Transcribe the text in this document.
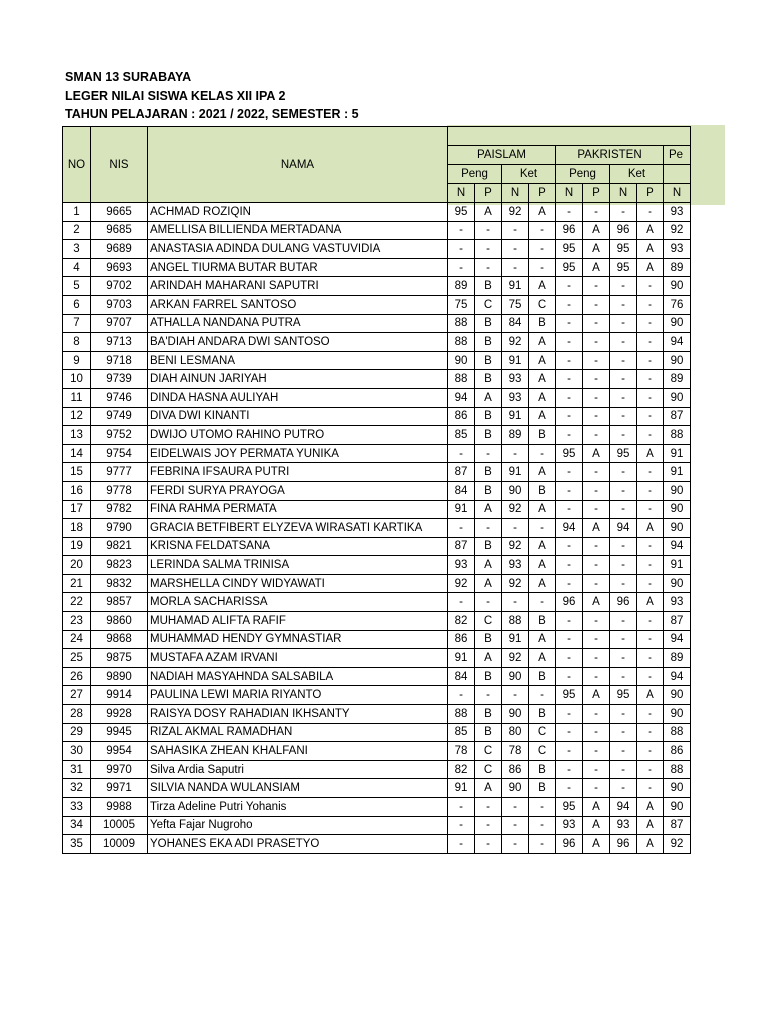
SMAN 13 SURABAYA
LEGER NILAI SISWA KELAS XII IPA 2
TAHUN PELAJARAN : 2021 / 2022, SEMESTER : 5
NO	NIS	NAMA									
			PAISLAM				PAKRISTEN				Pe
			Peng		Ket		Peng		Ket		
			N	P	N	P	N	P	N	P	N
1	9665	ACHMAD ROZIQIN	95	A	92	A	-	-	-	-	93
2	9685	AMELLISA BILLIENDA MERTADANA	-	-	-	-	96	A	96	A	92
3	9689	ANASTASIA ADINDA DULANG VASTUVIDIA	-	-	-	-	95	A	95	A	93
4	9693	ANGEL TIURMA BUTAR BUTAR	-	-	-	-	95	A	95	A	89
5	9702	ARINDAH MAHARANI SAPUTRI	89	B	91	A	-	-	-	-	90
6	9703	ARKAN FARREL SANTOSO	75	C	75	C	-	-	-	-	76
7	9707	ATHALLA NANDANA PUTRA	88	B	84	B	-	-	-	-	90
8	9713	BA'DIAH ANDARA DWI SANTOSO	88	B	92	A	-	-	-	-	94
9	9718	BENI LESMANA	90	B	91	A	-	-	-	-	90
10	9739	DIAH AINUN JARIYAH	88	B	93	A	-	-	-	-	89
11	9746	DINDA HASNA AULIYAH	94	A	93	A	-	-	-	-	90
12	9749	DIVA DWI KINANTI	86	B	91	A	-	-	-	-	87
13	9752	DWIJO UTOMO RAHINO PUTRO	85	B	89	B	-	-	-	-	88
14	9754	EIDELWAIS JOY PERMATA YUNIKA	-	-	-	-	95	A	95	A	91
15	9777	FEBRINA IFSAURA PUTRI	87	B	91	A	-	-	-	-	91
16	9778	FERDI SURYA PRAYOGA	84	B	90	B	-	-	-	-	90
17	9782	FINA RAHMA PERMATA	91	A	92	A	-	-	-	-	90
18	9790	GRACIA BETFIBERT ELYZEVA WIRASATI KARTIKA	-	-	-	-	94	A	94	A	90
19	9821	KRISNA FELDATSANA	87	B	92	A	-	-	-	-	94
20	9823	LERINDA SALMA TRINISA	93	A	93	A	-	-	-	-	91
21	9832	MARSHELLA CINDY WIDYAWATI	92	A	92	A	-	-	-	-	90
22	9857	MORLA SACHARISSA	-	-	-	-	96	A	96	A	93
23	9860	MUHAMAD ALIFTA RAFIF	82	C	88	B	-	-	-	-	87
24	9868	MUHAMMAD HENDY GYMNASTIAR	86	B	91	A	-	-	-	-	94
25	9875	MUSTAFA AZAM IRVANI	91	A	92	A	-	-	-	-	89
26	9890	NADIAH MASYAHNDA SALSABILA	84	B	90	B	-	-	-	-	94
27	9914	PAULINA LEWI MARIA RIYANTO	-	-	-	-	95	A	95	A	90
28	9928	RAISYA DOSY RAHADIAN IKHSANTY	88	B	90	B	-	-	-	-	90
29	9945	RIZAL AKMAL RAMADHAN	85	B	80	C	-	-	-	-	88
30	9954	SAHASIKA ZHEAN KHALFANI	78	C	78	C	-	-	-	-	86
31	9970	Silva Ardia Saputri	82	C	86	B	-	-	-	-	88
32	9971	SILVIA NANDA WULANSIAM	91	A	90	B	-	-	-	-	90
33	9988	Tirza Adeline Putri Yohanis	-	-	-	-	95	A	94	A	90
34	10005	Yefta Fajar Nugroho	-	-	-	-	93	A	93	A	87
35	10009	YOHANES EKA ADI PRASETYO	-	-	-	-	96	A	96	A	92
